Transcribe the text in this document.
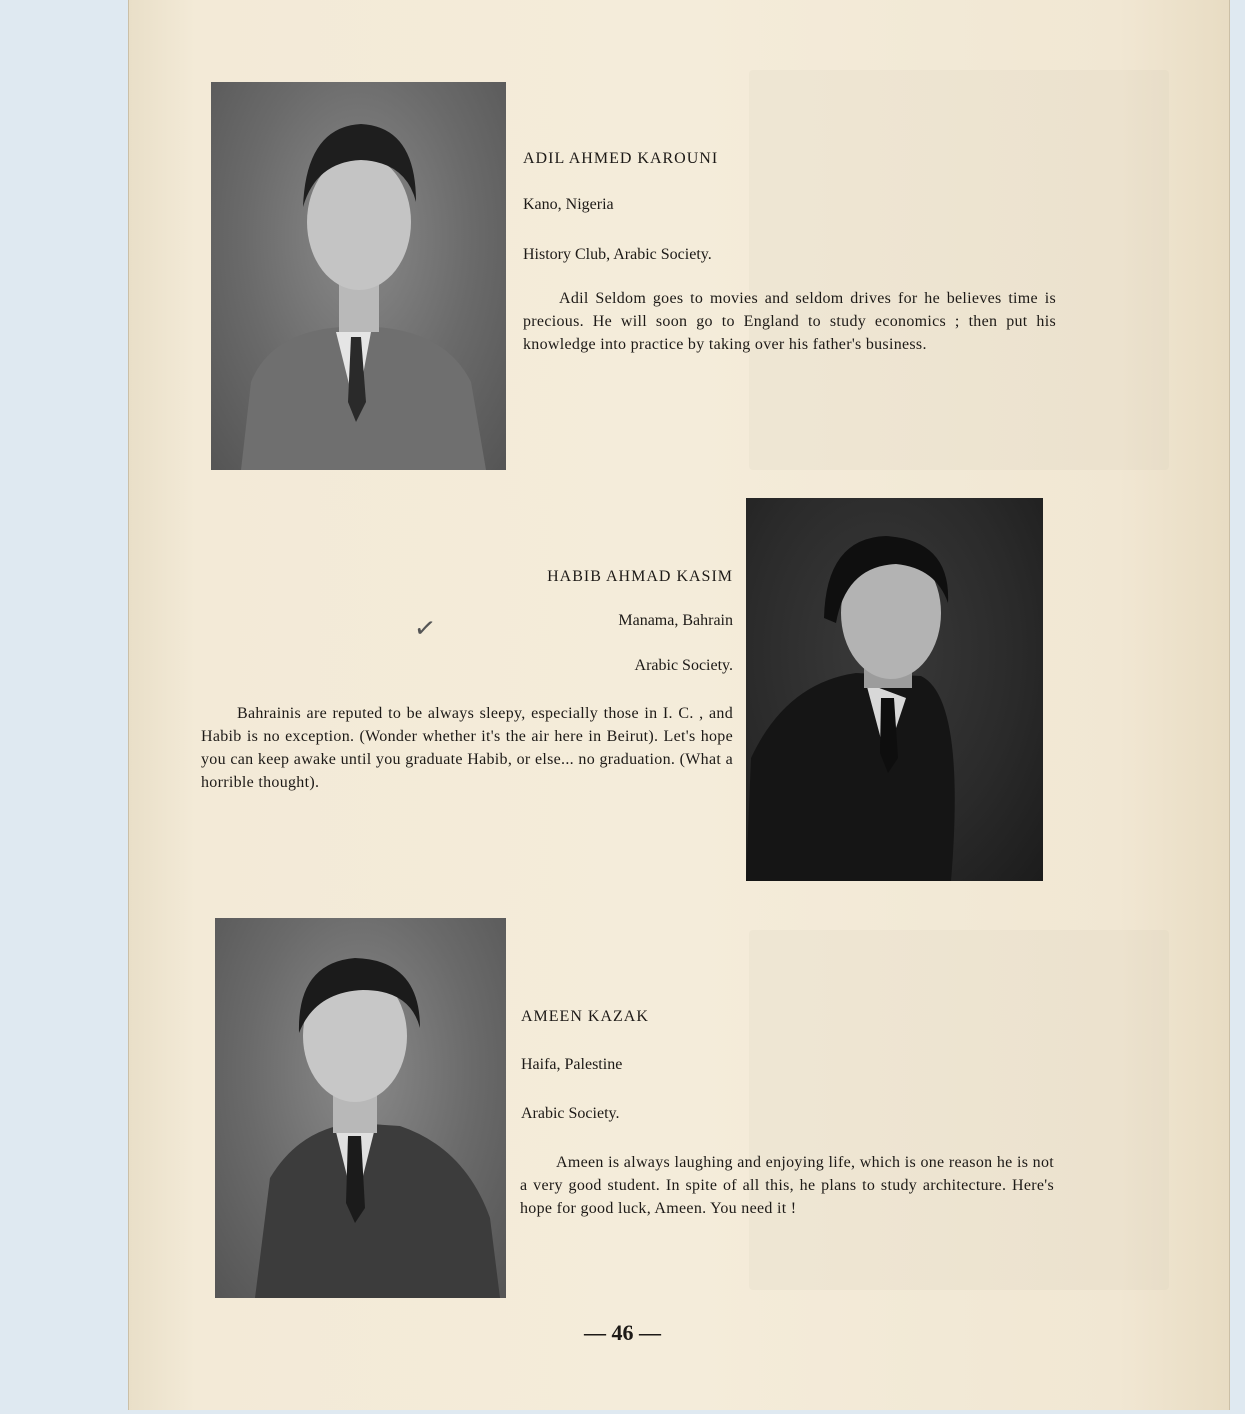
ADIL AHMED KAROUNI
Kano, Nigeria
History Club, Arabic Society.
Adil Seldom goes to movies and seldom drives for he believes time is precious. He will soon go to England to study economics ; then put his knowledge into practice by taking over his father's business.
HABIB AHMAD KASIM
Manama, Bahrain
✓
Arabic Society.
Bahrainis are reputed to be always sleepy, especially those in I. C. , and Habib is no exception. (Wonder whether it's the air here in Beirut). Let's hope you can keep awake until you graduate Habib, or else... no graduation. (What a horrible thought).
AMEEN KAZAK
Haifa, Palestine
Arabic Society.
Ameen is always laughing and enjoying life, which is one reason he is not a very good student. In spite of all this, he plans to study architecture. Here's hope for good luck, Ameen. You need it !
— 46 —
